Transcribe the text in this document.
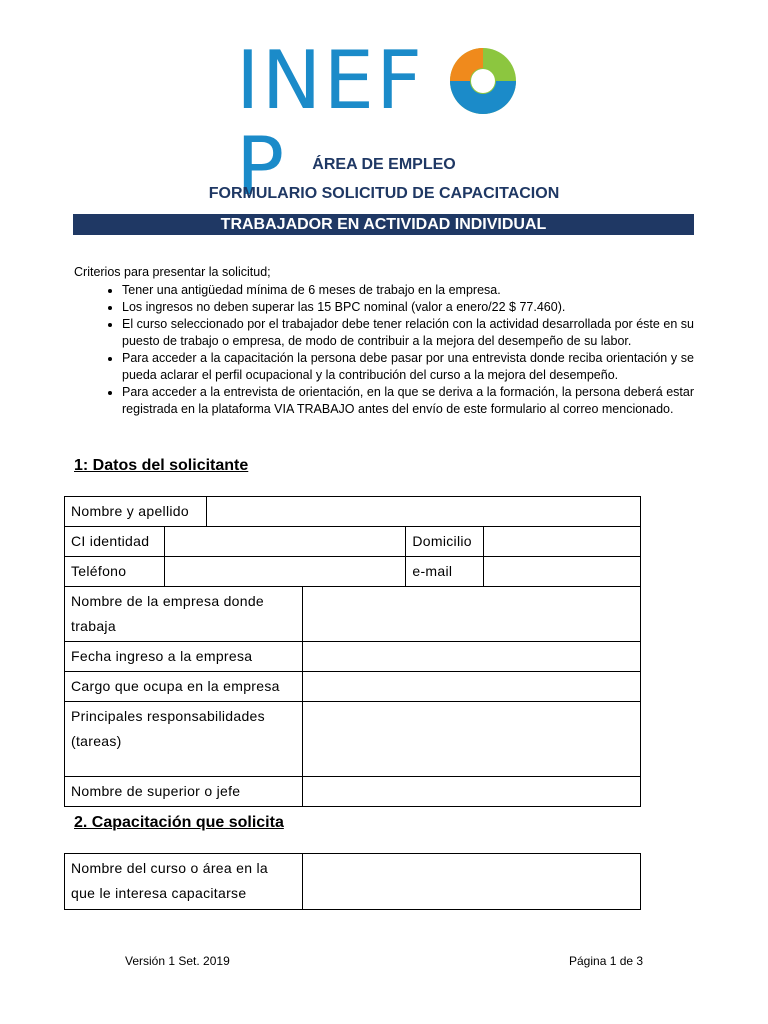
INEFP	ÁREA DE EMPLEO
FORMULARIO SOLICITUD DE CAPACITACION
TRABAJADOR EN ACTIVIDAD INDIVIDUAL

Criterios para presentar la solicitud;

• Tener una antigüedad mínima de 6 meses de trabajo en la empresa.
• Los ingresos no deben superar las 15 BPC nominal (valor a enero/22 $ 77.460).
• El curso seleccionado por el trabajador debe tener relación con la actividad desarrollada por éste en su puesto de trabajo o empresa, de modo de contribuir a la mejora del desempeño de su labor.
• Para acceder a la capacitación la persona debe pasar por una entrevista donde reciba orientación y se pueda aclarar el perfil ocupacional y la contribución del curso a la mejora del desempeño.
• Para acceder a la entrevista de orientación, en la que se deriva a la formación, la persona deberá estar registrada en la plataforma VIA TRABAJO antes del envío de este formulario al correo mencionado.
1: Datos del solicitante
Nombre y apellido					
CI identidad				Domicilio	
Teléfono				e-mail	
Nombre de la empresa donde trabaja					
Fecha ingreso a la empresa					
Cargo que ocupa en la empresa					
Principales responsabilidades (tareas)					
Nombre de superior o jefe					
2. Capacitación que solicita
Nombre del curso o área en la que le interesa capacitarse	
Versión 1 Set. 2019	Página 1 de 3
